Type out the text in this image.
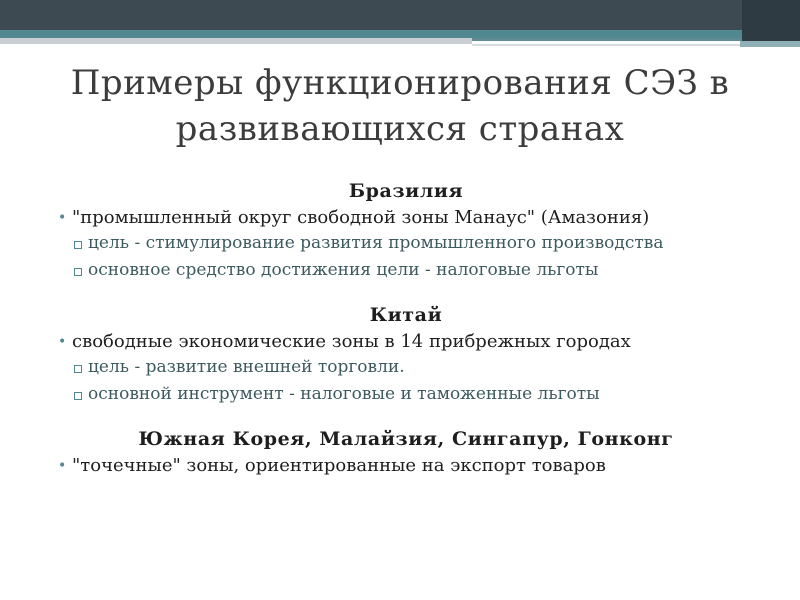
Примеры функционирования СЭЗ в развивающихся странах
Бразилия
• "промышленный округ свободной зоны Манаус" (Амазония)
цель - стимулирование развития промышленного производства
основное средство достижения цели - налоговые льготы
Китай
• свободные экономические зоны в 14 прибрежных городах
цель - развитие внешней торговли.
основной инструмент - налоговые и таможенные льготы
Южная Корея, Малайзия, Сингапур, Гонконг
• "точечные" зоны, ориентированные на экспорт товаров
